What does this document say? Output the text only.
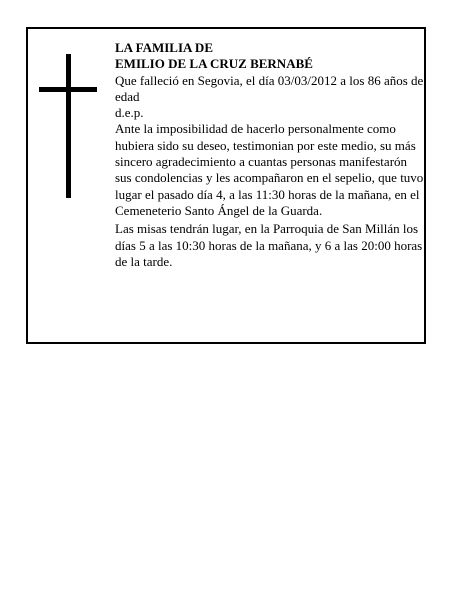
LA FAMILIA DE

EMILIO DE LA CRUZ BERNABÉ

Que falleció en Segovia, el día 03/03/2012 a los 86 años de edad

d.e.p.

Ante la imposibilidad de hacerlo personalmente como hubiera sido su deseo, testimonian por este medio, su más sincero agradecimiento a cuantas personas manifestarón sus condolencias y les acompañaron en el sepelio, que tuvo lugar el pasado día 4, a las 11:30 horas de la mañana, en el Cemeneterio Santo Ángel de la Guarda.

Las misas tendrán lugar, en la Parroquia de San Millán los días 5 a las 10:30 horas de la mañana, y 6 a las 20:00 horas de la tarde.
